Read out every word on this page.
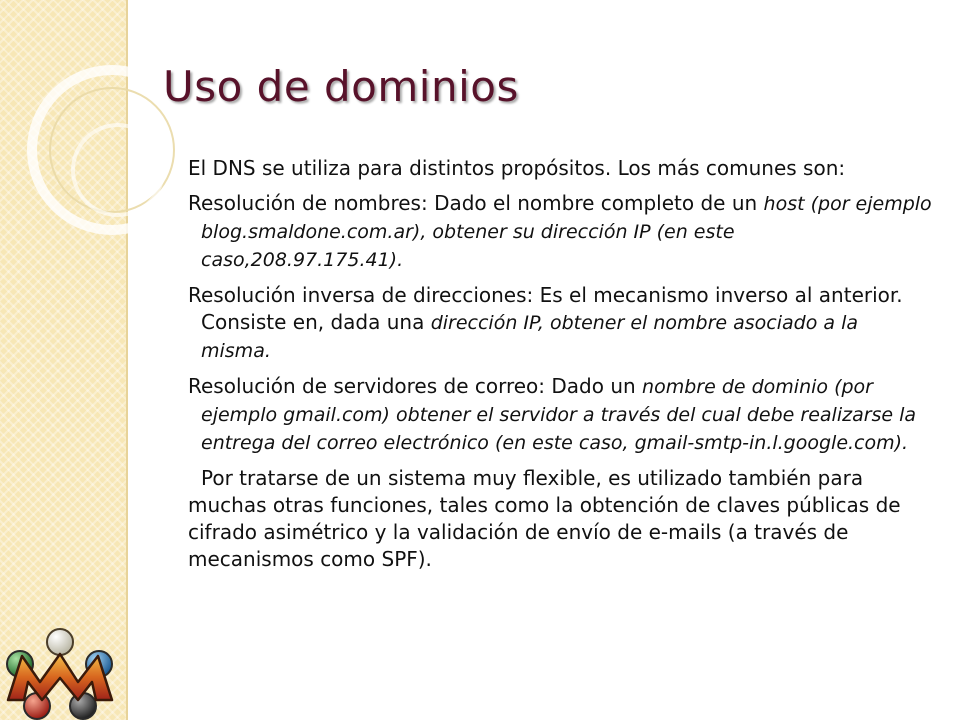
Uso de dominios

El DNS se utiliza para distintos propósitos. Los más comunes son:

Resolución de nombres: Dado el nombre completo de un host (por ejemplo blog.smaldone.com.ar), obtener su dirección IP (en este caso,208.97.175.41).

Resolución inversa de direcciones: Es el mecanismo inverso al anterior. Consiste en, dada una dirección IP, obtener el nombre asociado a la misma.

Resolución de servidores de correo: Dado un nombre de dominio (por ejemplo gmail.com) obtener el servidor a través del cual debe realizarse la entrega del correo electrónico (en este caso, gmail-smtp-in.l.google.com).

Por tratarse de un sistema muy flexible, es utilizado también para muchas otras funciones, tales como la obtención de claves públicas de cifrado asimétrico y la validación de envío de e-mails (a través de mecanismos como SPF).
